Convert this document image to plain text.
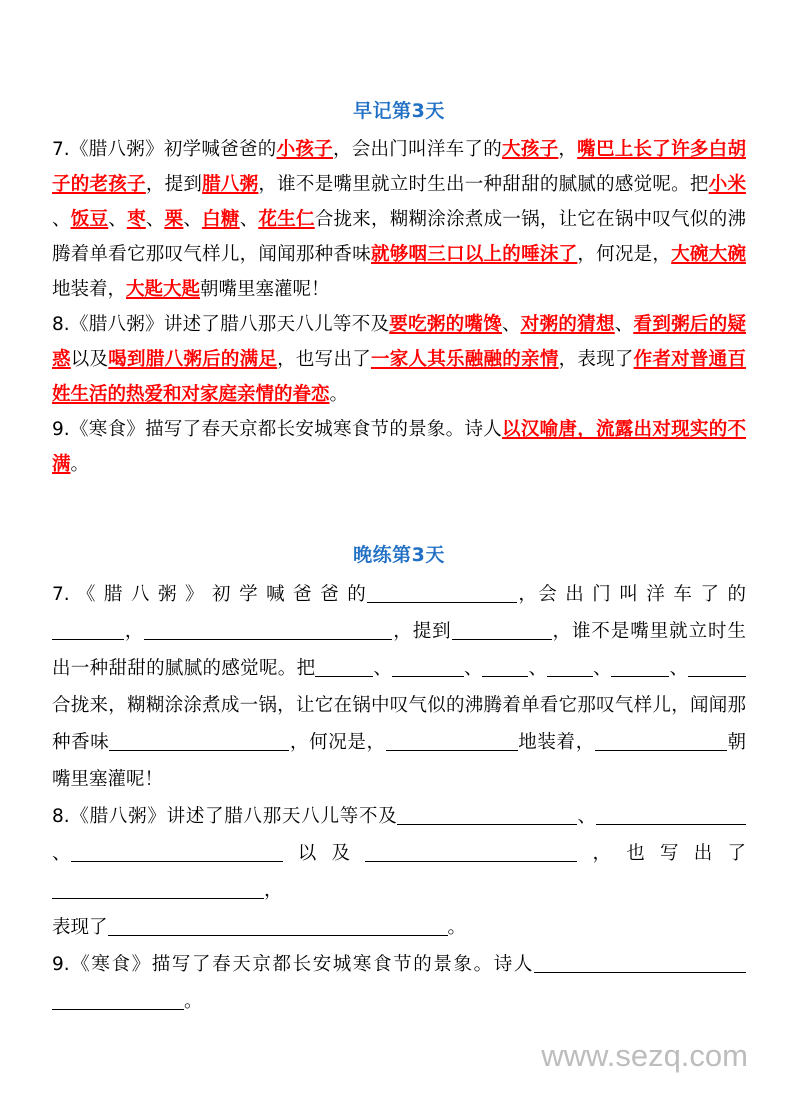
早记第3天

7.《腊八粥》初学喊爸爸的小孩子，会出门叫洋车了的大孩子，嘴巴上长了许多白胡子的老孩子，提到腊八粥，谁不是嘴里就立时生出一种甜甜的腻腻的感觉呢。把小米、饭豆、枣、栗、白糖、花生仁合拢来，糊糊涂涂煮成一锅，让它在锅中叹气似的沸腾着单看它那叹气样儿，闻闻那种香味就够咽三口以上的唾沫了，何况是，大碗大碗地装着，大匙大匙朝嘴里塞灌呢！

8.《腊八粥》讲述了腊八那天八儿等不及要吃粥的嘴馋、对粥的猜想、看到粥后的疑惑以及喝到腊八粥后的满足，也写出了一家人其乐融融的亲情，表现了作者对普通百姓生活的热爱和对家庭亲情的眷恋。

9.《寒食》描写了春天京都长安城寒食节的景象。诗人以汉喻唐，流露出对现实的不满。

晚练第3天

7. 《 腊 八 粥 》 初 学 喊 爸 爸 的	，会 出 门 叫 洋 车 了 的，	，提到	，谁不是嘴里就立时生出一种甜甜的腻腻的感觉呢。把	、	、 、 、	、合拢来，糊糊涂涂煮成一锅，让它在锅中叹气似的沸腾着单看它那叹气样儿，闻闻那种香味	，何况是，	地装着，	朝嘴里塞灌呢！

8.《腊八粥》讲述了腊八那天八儿等不及	、、	以及	，也写出了，
表现了	。

9.《寒食》描写了春天京都长安城寒食节的景象。诗人。

www.sezq.com
